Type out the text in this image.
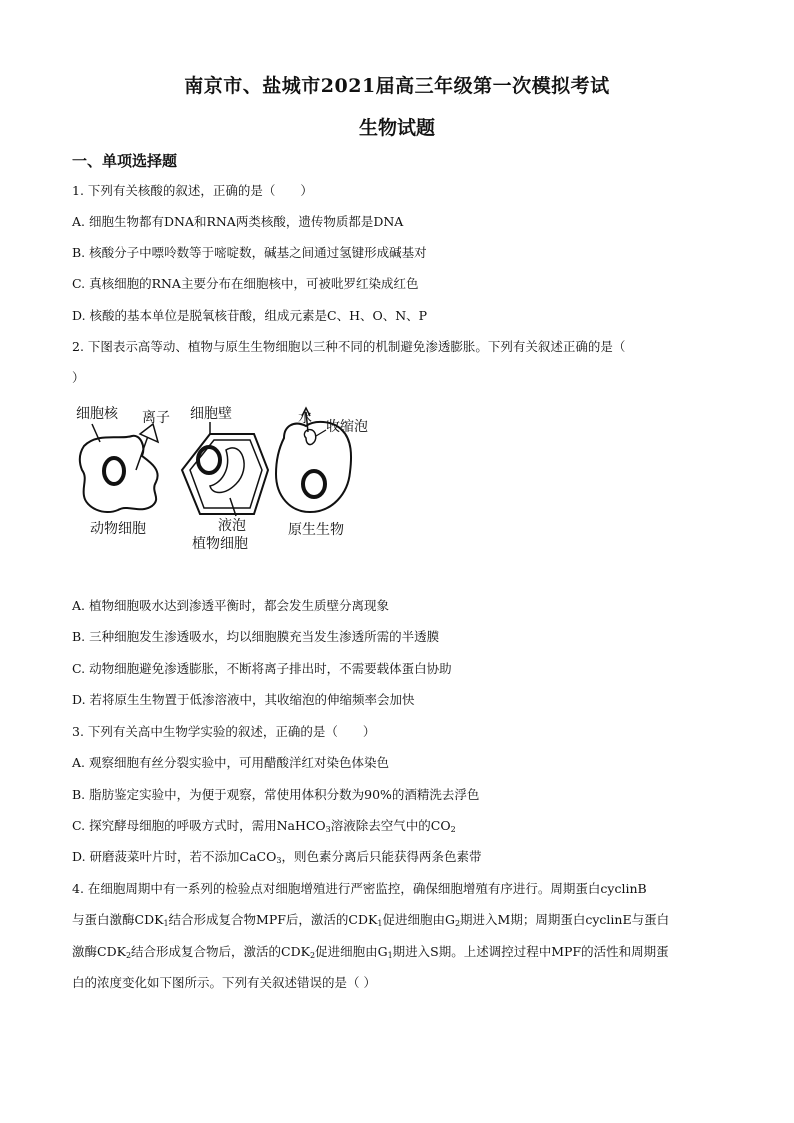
南京市、盐城市2021届高三年级第一次模拟考试
生物试题
一、单项选择题
1. 下列有关核酸的叙述，正确的是（　　）
A. 细胞生物都有DNA和RNA两类核酸，遗传物质都是DNA
B. 核酸分子中嘌呤数等于嘧啶数，碱基之间通过氢键形成碱基对
C. 真核细胞的RNA主要分布在细胞核中，可被吡罗红染成红色
D. 核酸的基本单位是脱氧核苷酸，组成元素是C、H、O、N、P
2. 下图表示高等动、植物与原生生物细胞以三种不同的机制避免渗透膨胀。下列有关叙述正确的是（
）
细胞核 离子 细胞壁	水
收缩泡
动物细胞	液泡
植物细胞
原生生物
A. 植物细胞吸水达到渗透平衡时，都会发生质壁分离现象
B. 三种细胞发生渗透吸水，均以细胞膜充当发生渗透所需的半透膜
C. 动物细胞避免渗透膨胀，不断将离子排出时，不需要载体蛋白协助
D. 若将原生生物置于低渗溶液中，其收缩泡的伸缩频率会加快
3. 下列有关高中生物学实验的叙述，正确的是（　　）
A. 观察细胞有丝分裂实验中，可用醋酸洋红对染色体染色
B. 脂肪鉴定实验中，为便于观察，常使用体积分数为90%的酒精洗去浮色
C. 探究酵母细胞的呼吸方式时，需用NaHCO$_3$溶液除去空气中的$CO_2$
D. 研磨菠菜叶片时，若不添加CaCO$_3$，则色素分离后只能获得两条色素带
4. 在细胞周期中有一系列的检验点对细胞增殖进行严密监控，确保细胞增殖有序进行。周期蛋白cyclinB
与蛋白激酶$CDK_1$结合形成复合物MPF后，激活的$CDK_1$促进细胞由$G_2$期进入M期；周期蛋白cyclinE与蛋白
激酶$CDK_2$结合形成复合物后，激活的$CDK_2$促进细胞由$G_1$期进入S期。上述调控过程中MPF的活性和周期蛋
白的浓度变化如下图所示。下列有关叙述错误的是（ ）
